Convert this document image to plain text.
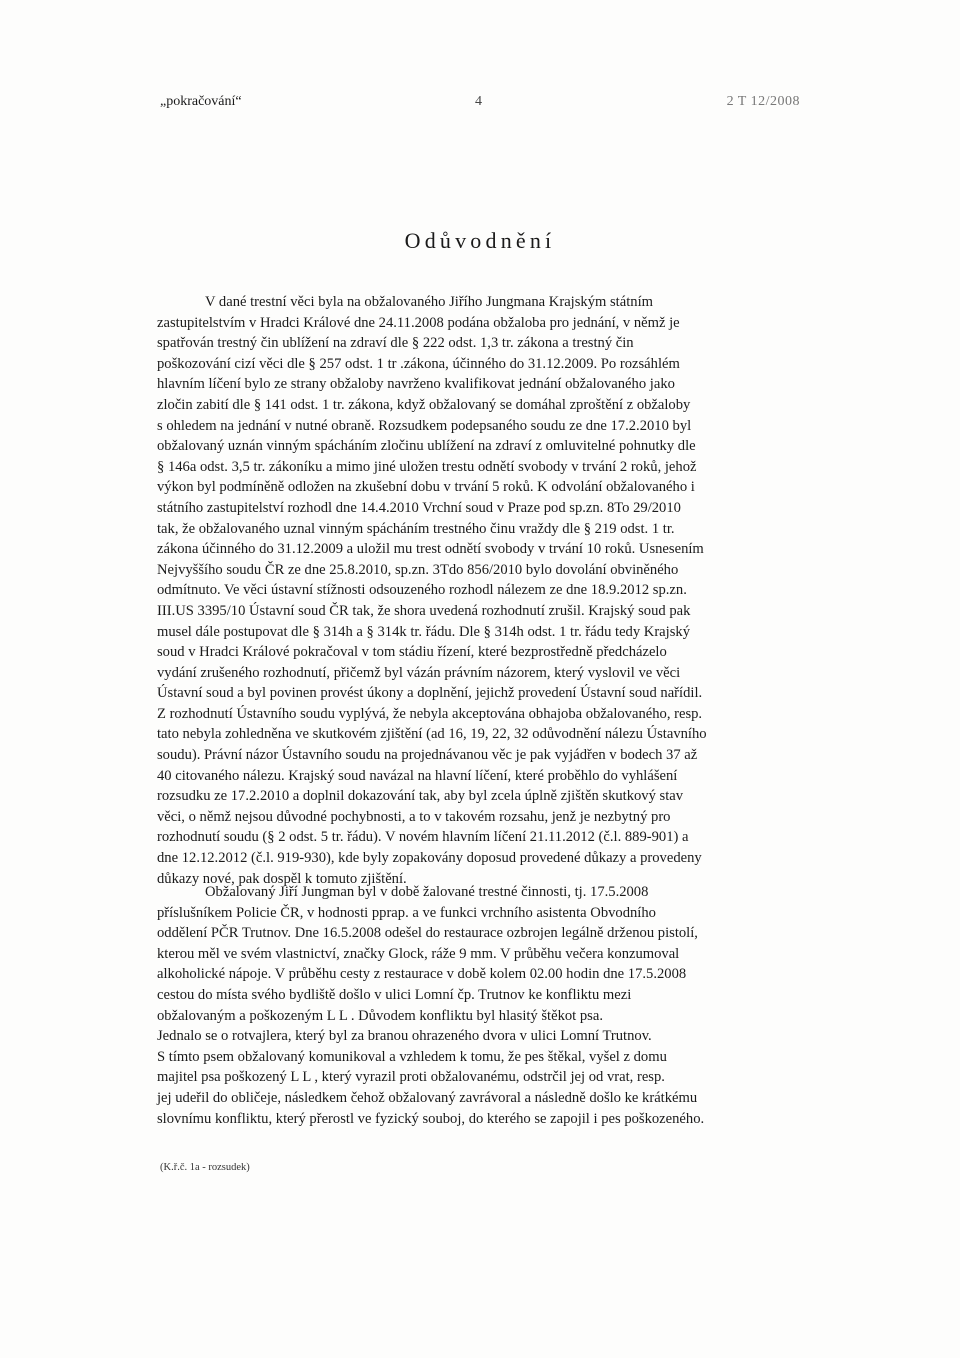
„pokračování“	4	2 T 12/2008
Odůvodnění
V dané trestní věci byla na obžalovaného Jiřího Jungmana Krajským státním
zastupitelstvím v Hradci Králové dne 24.11.2008 podána obžaloba pro jednání, v němž je
spatřován trestný čin ublížení na zdraví dle § 222 odst. 1,3 tr. zákona a trestný čin
poškozování cizí věci dle § 257 odst. 1 tr .zákona, účinného do 31.12.2009. Po rozsáhlém
hlavním líčení bylo ze strany obžaloby navrženo kvalifikovat jednání obžalovaného jako
zločin zabití dle § 141 odst. 1 tr. zákona, když obžalovaný se domáhal zproštění z obžaloby
s ohledem na jednání v nutné obraně. Rozsudkem podepsaného soudu ze dne 17.2.2010 byl
obžalovaný uznán vinným spácháním zločinu ublížení na zdraví z omluvitelné pohnutky dle
§ 146a odst. 3,5 tr. zákoníku a mimo jiné uložen trestu odnětí svobody v trvání 2 roků, jehož
výkon byl podmíněně odložen na zkušební dobu v trvání 5 roků. K odvolání obžalovaného i
státního zastupitelství rozhodl dne 14.4.2010 Vrchní soud v Praze pod sp.zn. 8To 29/2010
tak, že obžalovaného uznal vinným spácháním trestného činu vraždy dle § 219 odst. 1 tr.
zákona účinného do 31.12.2009 a uložil mu trest odnětí svobody v trvání 10 roků. Usnesením
Nejvyššího soudu ČR ze dne 25.8.2010, sp.zn. 3Tdo 856/2010 bylo dovolání obviněného
odmítnuto. Ve věci ústavní stížnosti odsouzeného rozhodl nálezem ze dne 18.9.2012 sp.zn.
III.US 3395/10 Ústavní soud ČR tak, že shora uvedená rozhodnutí zrušil. Krajský soud pak
musel dále postupovat dle § 314h a § 314k tr. řádu. Dle § 314h odst. 1 tr. řádu tedy Krajský
soud v Hradci Králové pokračoval v tom stádiu řízení, které bezprostředně předcházelo
vydání zrušeného rozhodnutí, přičemž byl vázán právním názorem, který vyslovil ve věci
Ústavní soud a byl povinen provést úkony a doplnění, jejichž provedení Ústavní soud nařídil.
Z rozhodnutí Ústavního soudu vyplývá, že nebyla akceptována obhajoba obžalovaného, resp.
tato nebyla zohledněna ve skutkovém zjištění (ad 16, 19, 22, 32 odůvodnění nálezu Ústavního
soudu). Právní názor Ústavního soudu na projednávanou věc je pak vyjádřen v bodech 37 až
40 citovaného nálezu. Krajský soud navázal na hlavní líčení, které proběhlo do vyhlášení
rozsudku ze 17.2.2010 a doplnil dokazování tak, aby byl zcela úplně zjištěn skutkový stav
věci, o němž nejsou důvodné pochybnosti, a to v takovém rozsahu, jenž je nezbytný pro
rozhodnutí soudu (§ 2 odst. 5 tr. řádu). V novém hlavním líčení 21.11.2012 (č.l. 889-901) a
dne 12.12.2012 (č.l. 919-930), kde byly zopakovány doposud provedené důkazy a provedeny
důkazy nové, pak dospěl k tomuto zjištění.
Obžalovaný Jiří Jungman byl v době žalované trestné činnosti, tj. 17.5.2008
příslušníkem Policie ČR, v hodnosti pprap. a ve funkci vrchního asistenta Obvodního
oddělení PČR Trutnov. Dne 16.5.2008 odešel do restaurace ozbrojen legálně drženou pistolí,
kterou měl ve svém vlastnictví, značky Glock, ráže 9 mm. V průběhu večera konzumoval
alkoholické nápoje. V průběhu cesty z restaurace v době kolem 02.00 hodin dne 17.5.2008
cestou do místa svého bydliště došlo v ulici Lomní čp. Trutnov ke konfliktu mezi
obžalovaným a poškozeným L L . Důvodem konfliktu byl hlasitý štěkot psa.
Jednalo se o rotvajlera, který byl za branou ohrazeného dvora v ulici Lomní Trutnov.
S tímto psem obžalovaný komunikoval a vzhledem k tomu, že pes štěkal, vyšel z domu
majitel psa poškozený L L , který vyrazil proti obžalovanému, odstrčil jej od vrat, resp.
jej udeřil do obličeje, následkem čehož obžalovaný zavrávoral a následně došlo ke krátkému
slovnímu konfliktu, který přerostl ve fyzický souboj, do kterého se zapojil i pes poškozeného.
(K.ř.č. 1a - rozsudek)
